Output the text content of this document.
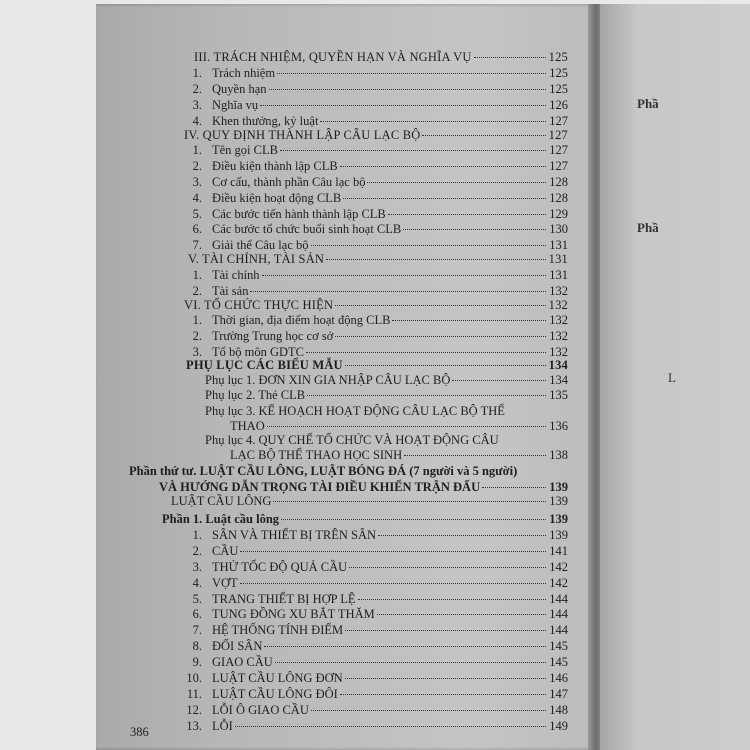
Phầ
Phầ
L
III. TRÁCH NHIỆM, QUYỀN HẠN VÀ NGHĨA VỤ	125
1. Trách nhiệm	125
2. Quyền hạn	125
3. Nghĩa vụ	126
4. Khen thưởng, kỷ luật	127
IV. QUY ĐỊNH THÀNH LẬP CÂU LẠC BỘ	127
1. Tên gọi CLB	127
2. Điều kiện thành lập CLB	127
3. Cơ cấu, thành phần Câu lạc bộ	128
4. Điều kiện hoạt động CLB	128
5. Các bước tiến hành thành lập CLB	129
6. Các bước tổ chức buổi sinh hoạt CLB	130
7. Giải thể Câu lạc bộ	131
V. TÀI CHÍNH, TÀI SẢN	131
1. Tài chính	131
2. Tài sản	132
VI. TỔ CHỨC THỰC HIỆN	132
1. Thời gian, địa điểm hoạt động CLB	132
2. Trường Trung học cơ sở	132
3. Tổ bộ môn GDTC	132
PHỤ LỤC CÁC BIỂU MẪU	134
Phụ lục 1. ĐƠN XIN GIA NHẬP CÂU LẠC BỘ	134
Phụ lục 2. Thẻ CLB	135
Phụ lục 3. KẾ HOẠCH HOẠT ĐỘNG CÂU LẠC BỘ THỂ
THAO	136
Phụ lục 4. QUY CHẾ TỔ CHỨC VÀ HOẠT ĐỘNG CÂU
LẠC BỘ THỂ THAO HỌC SINH	138
Phần thứ tư. LUẬT CẦU LÔNG, LUẬT BÓNG ĐÁ (7 người và 5 người)
VÀ HƯỚNG DẪN TRỌNG TÀI ĐIỀU KHIỂN TRẬN ĐẤU	139
LUẬT CẦU LÔNG	139
Phần 1. Luật cầu lông	139
1. SÂN VÀ THIẾT BỊ TRÊN SÂN	139
2. CẦU	141
3. THỬ TỐC ĐỘ QUẢ CẦU	142
4. VỢT	142
5. TRANG THIẾT BỊ HỢP LỆ	144
6. TUNG ĐỒNG XU BẮT THĂM	144
7. HỆ THỐNG TÍNH ĐIỂM	144
8. ĐỔI SÂN	145
9. GIAO CẦU	145
10. LUẬT CẦU LÔNG ĐƠN	146
11. LUẬT CẦU LÔNG ĐÔI	147
12. LỖI Ô GIAO CẦU	148
13. LỖI	149
386
